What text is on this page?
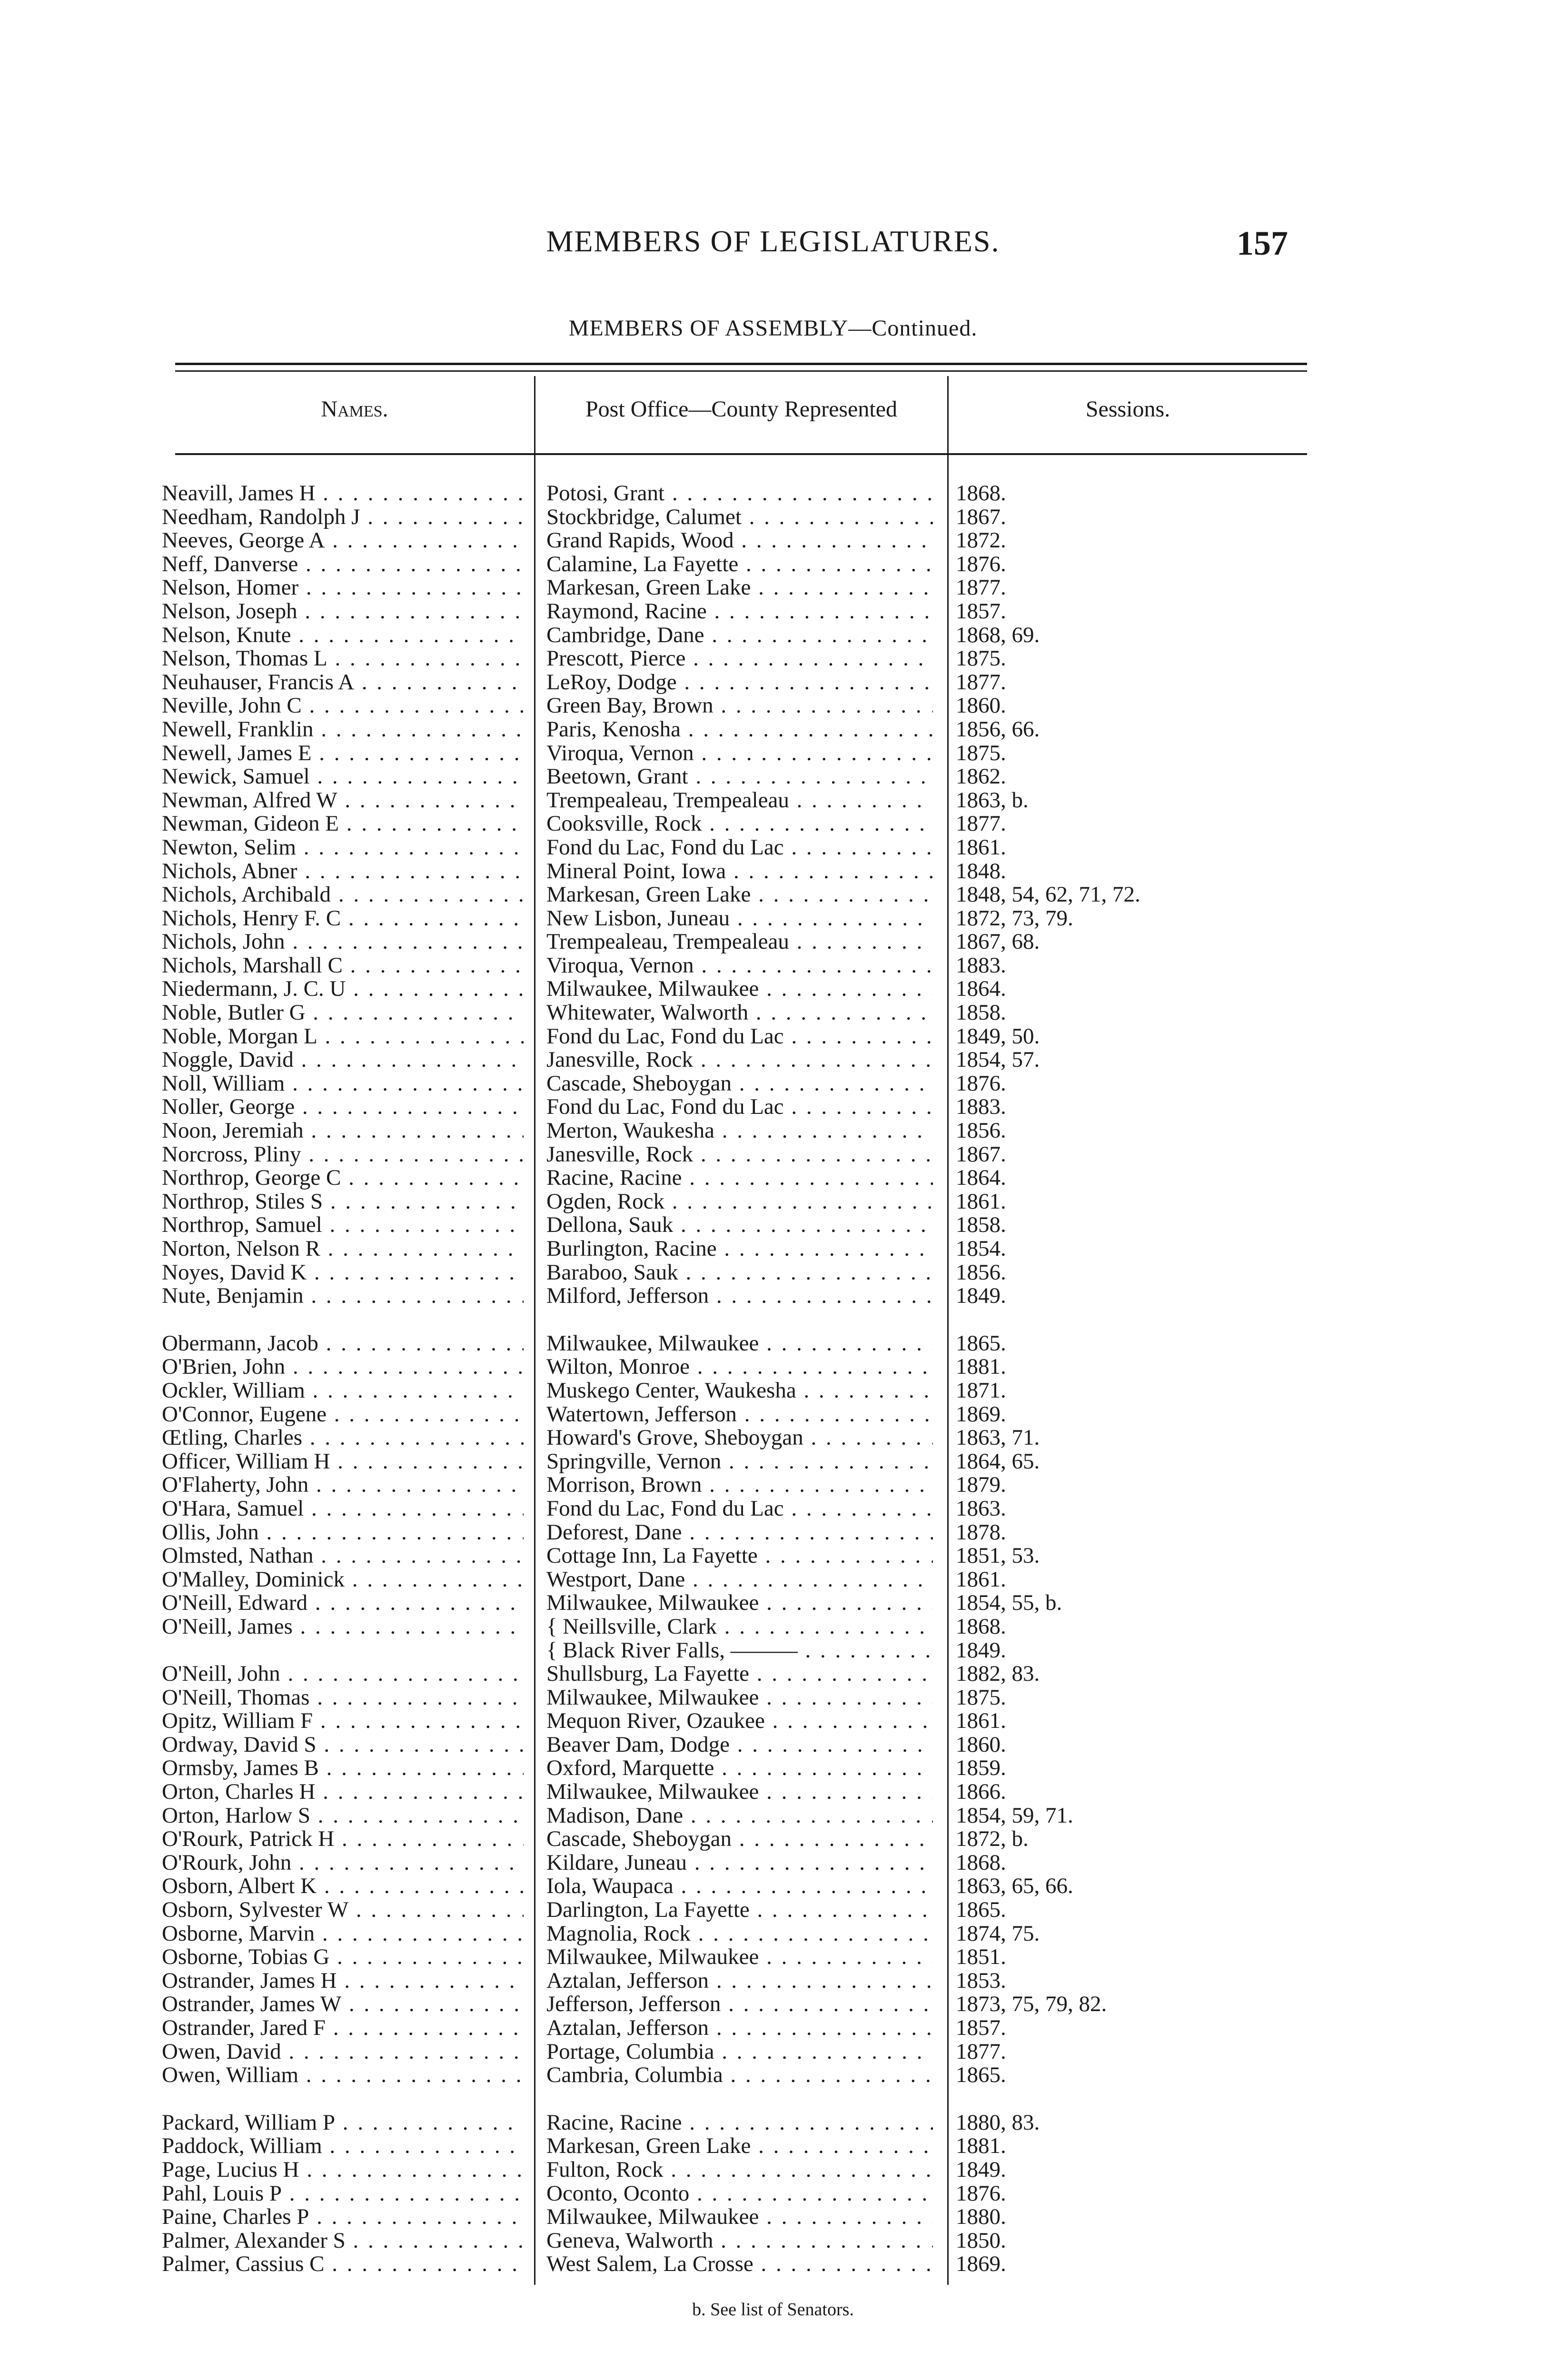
MEMBERS OF LEGISLATURES.	157
MEMBERS OF ASSEMBLY—Continued.
Names.	Post Office—County Represented	Sessions.
Neavill, James H . . .	Potosi, Grant . . .	1868.
Needham, Randolph J . . .	Stockbridge, Calumet . . .	1867.
Neeves, George A . . .	Grand Rapids, Wood . . .	1872.
Neff, Danverse . . .	Calamine, La Fayette . . .	1876.
Nelson, Homer . . .	Markesan, Green Lake . . .	1877.
Nelson, Joseph . . .	Raymond, Racine . . .	1857.
Nelson, Knute . . .	Cambridge, Dane . . .	1868, 69.
Nelson, Thomas L . . .	Prescott, Pierce . . .	1875.
Neuhauser, Francis A . . .	LeRoy, Dodge . . .	1877.
Neville, John C . . .	Green Bay, Brown . . .	1860.
Newell, Franklin . . .	Paris, Kenosha . . .	1856, 66.
Newell, James E . . .	Viroqua, Vernon . . .	1875.
Newick, Samuel . . .	Beetown, Grant . . .	1862.
Newman, Alfred W . . .	Trempealeau, Trempealeau . . .	1863, b.
Newman, Gideon E . . .	Cooksville, Rock . . .	1877.
Newton, Selim . . .	Fond du Lac, Fond du Lac . . .	1861.
Nichols, Abner . . .	Mineral Point, Iowa . . .	1848.
Nichols, Archibald . . .	Markesan, Green Lake . . .	1848, 54, 62, 71, 72.
Nichols, Henry F. C . . .	New Lisbon, Juneau . . .	1872, 73, 79.
Nichols, John . . .	Trempealeau, Trempealeau . . .	1867, 68.
Nichols, Marshall C . . .	Viroqua, Vernon . . .	1883.
Niedermann, J. C. U . . .	Milwaukee, Milwaukee . . .	1864.
Noble, Butler G . . .	Whitewater, Walworth . . .	1858.
Noble, Morgan L . . .	Fond du Lac, Fond du Lac . . .	1849, 50.
Noggle, David . . .	Janesville, Rock . . .	1854, 57.
Noll, William . . .	Cascade, Sheboygan . . .	1876.
Noller, George . . .	Fond du Lac, Fond du Lac . . .	1883.
Noon, Jeremiah . . .	Merton, Waukesha . . .	1856.
Norcross, Pliny . . .	Janesville, Rock . . .	1867.
Northrop, George C . . .	Racine, Racine . . .	1864.
Northrop, Stiles S . . .	Ogden, Rock . . .	1861.
Northrop, Samuel . . .	Dellona, Sauk . . .	1858.
Norton, Nelson R . . .	Burlington, Racine . . .	1854.
Noyes, David K . . .	Baraboo, Sauk . . .	1856.
Nute, Benjamin . . .	Milford, Jefferson . . .	1849.
Obermann, Jacob . . .	Milwaukee, Milwaukee . . .	1865.
O'Brien, John . . .	Wilton, Monroe . . .	1881.
Ockler, William . . .	Muskego Center, Waukesha . . .	1871.
O'Connor, Eugene . . .	Watertown, Jefferson . . .	1869.
Œtling, Charles . . .	Howard's Grove, Sheboygan . . .	1863, 71.
Officer, William H . . .	Springville, Vernon . . .	1864, 65.
O'Flaherty, John . . .	Morrison, Brown . . .	1879.
O'Hara, Samuel . . .	Fond du Lac, Fond du Lac . . .	1863.
Ollis, John . . .	Deforest, Dane . . .	1878.
Olmsted, Nathan . . .	Cottage Inn, La Fayette . . .	1851, 53.
O'Malley, Dominick . . .	Westport, Dane . . .	1861.
O'Neill, Edward . . .	Milwaukee, Milwaukee . . .	1854, 55, b.
O'Neill, James . . .	{ Neillsville, Clark . . .	1868.
{ Black River Falls, ——— . . .	1849.
O'Neill, John . . .	Shullsburg, La Fayette . . .	1882, 83.
O'Neill, Thomas . . .	Milwaukee, Milwaukee . . .	1875.
Opitz, William F . . .	Mequon River, Ozaukee . . .	1861.
Ordway, David S . . .	Beaver Dam, Dodge . . .	1860.
Ormsby, James B . . .	Oxford, Marquette . . .	1859.
Orton, Charles H . . .	Milwaukee, Milwaukee . . .	1866.
Orton, Harlow S . . .	Madison, Dane . . .	1854, 59, 71.
O'Rourk, Patrick H . . .	Cascade, Sheboygan . . .	1872, b.
O'Rourk, John . . .	Kildare, Juneau . . .	1868.
Osborn, Albert K . . .	Iola, Waupaca . . .	1863, 65, 66.
Osborn, Sylvester W . . .	Darlington, La Fayette . . .	1865.
Osborne, Marvin . . .	Magnolia, Rock . . .	1874, 75.
Osborne, Tobias G . . .	Milwaukee, Milwaukee . . .	1851.
Ostrander, James H . . .	Aztalan, Jefferson . . .	1853.
Ostrander, James W . . .	Jefferson, Jefferson . . .	1873, 75, 79, 82.
Ostrander, Jared F . . .	Aztalan, Jefferson . . .	1857.
Owen, David . . .	Portage, Columbia . . .	1877.
Owen, William . . .	Cambria, Columbia . . .	1865.
Packard, William P . . .	Racine, Racine . . .	1880, 83.
Paddock, William . . .	Markesan, Green Lake . . .	1881.
Page, Lucius H . . .	Fulton, Rock . . .	1849.
Pahl, Louis P . . .	Oconto, Oconto . . .	1876.
Paine, Charles P . . .	Milwaukee, Milwaukee . . .	1880.
Palmer, Alexander S . . .	Geneva, Walworth . . .	1850.
Palmer, Cassius C . . .	West Salem, La Crosse . . .	1869.
b. See list of Senators.
